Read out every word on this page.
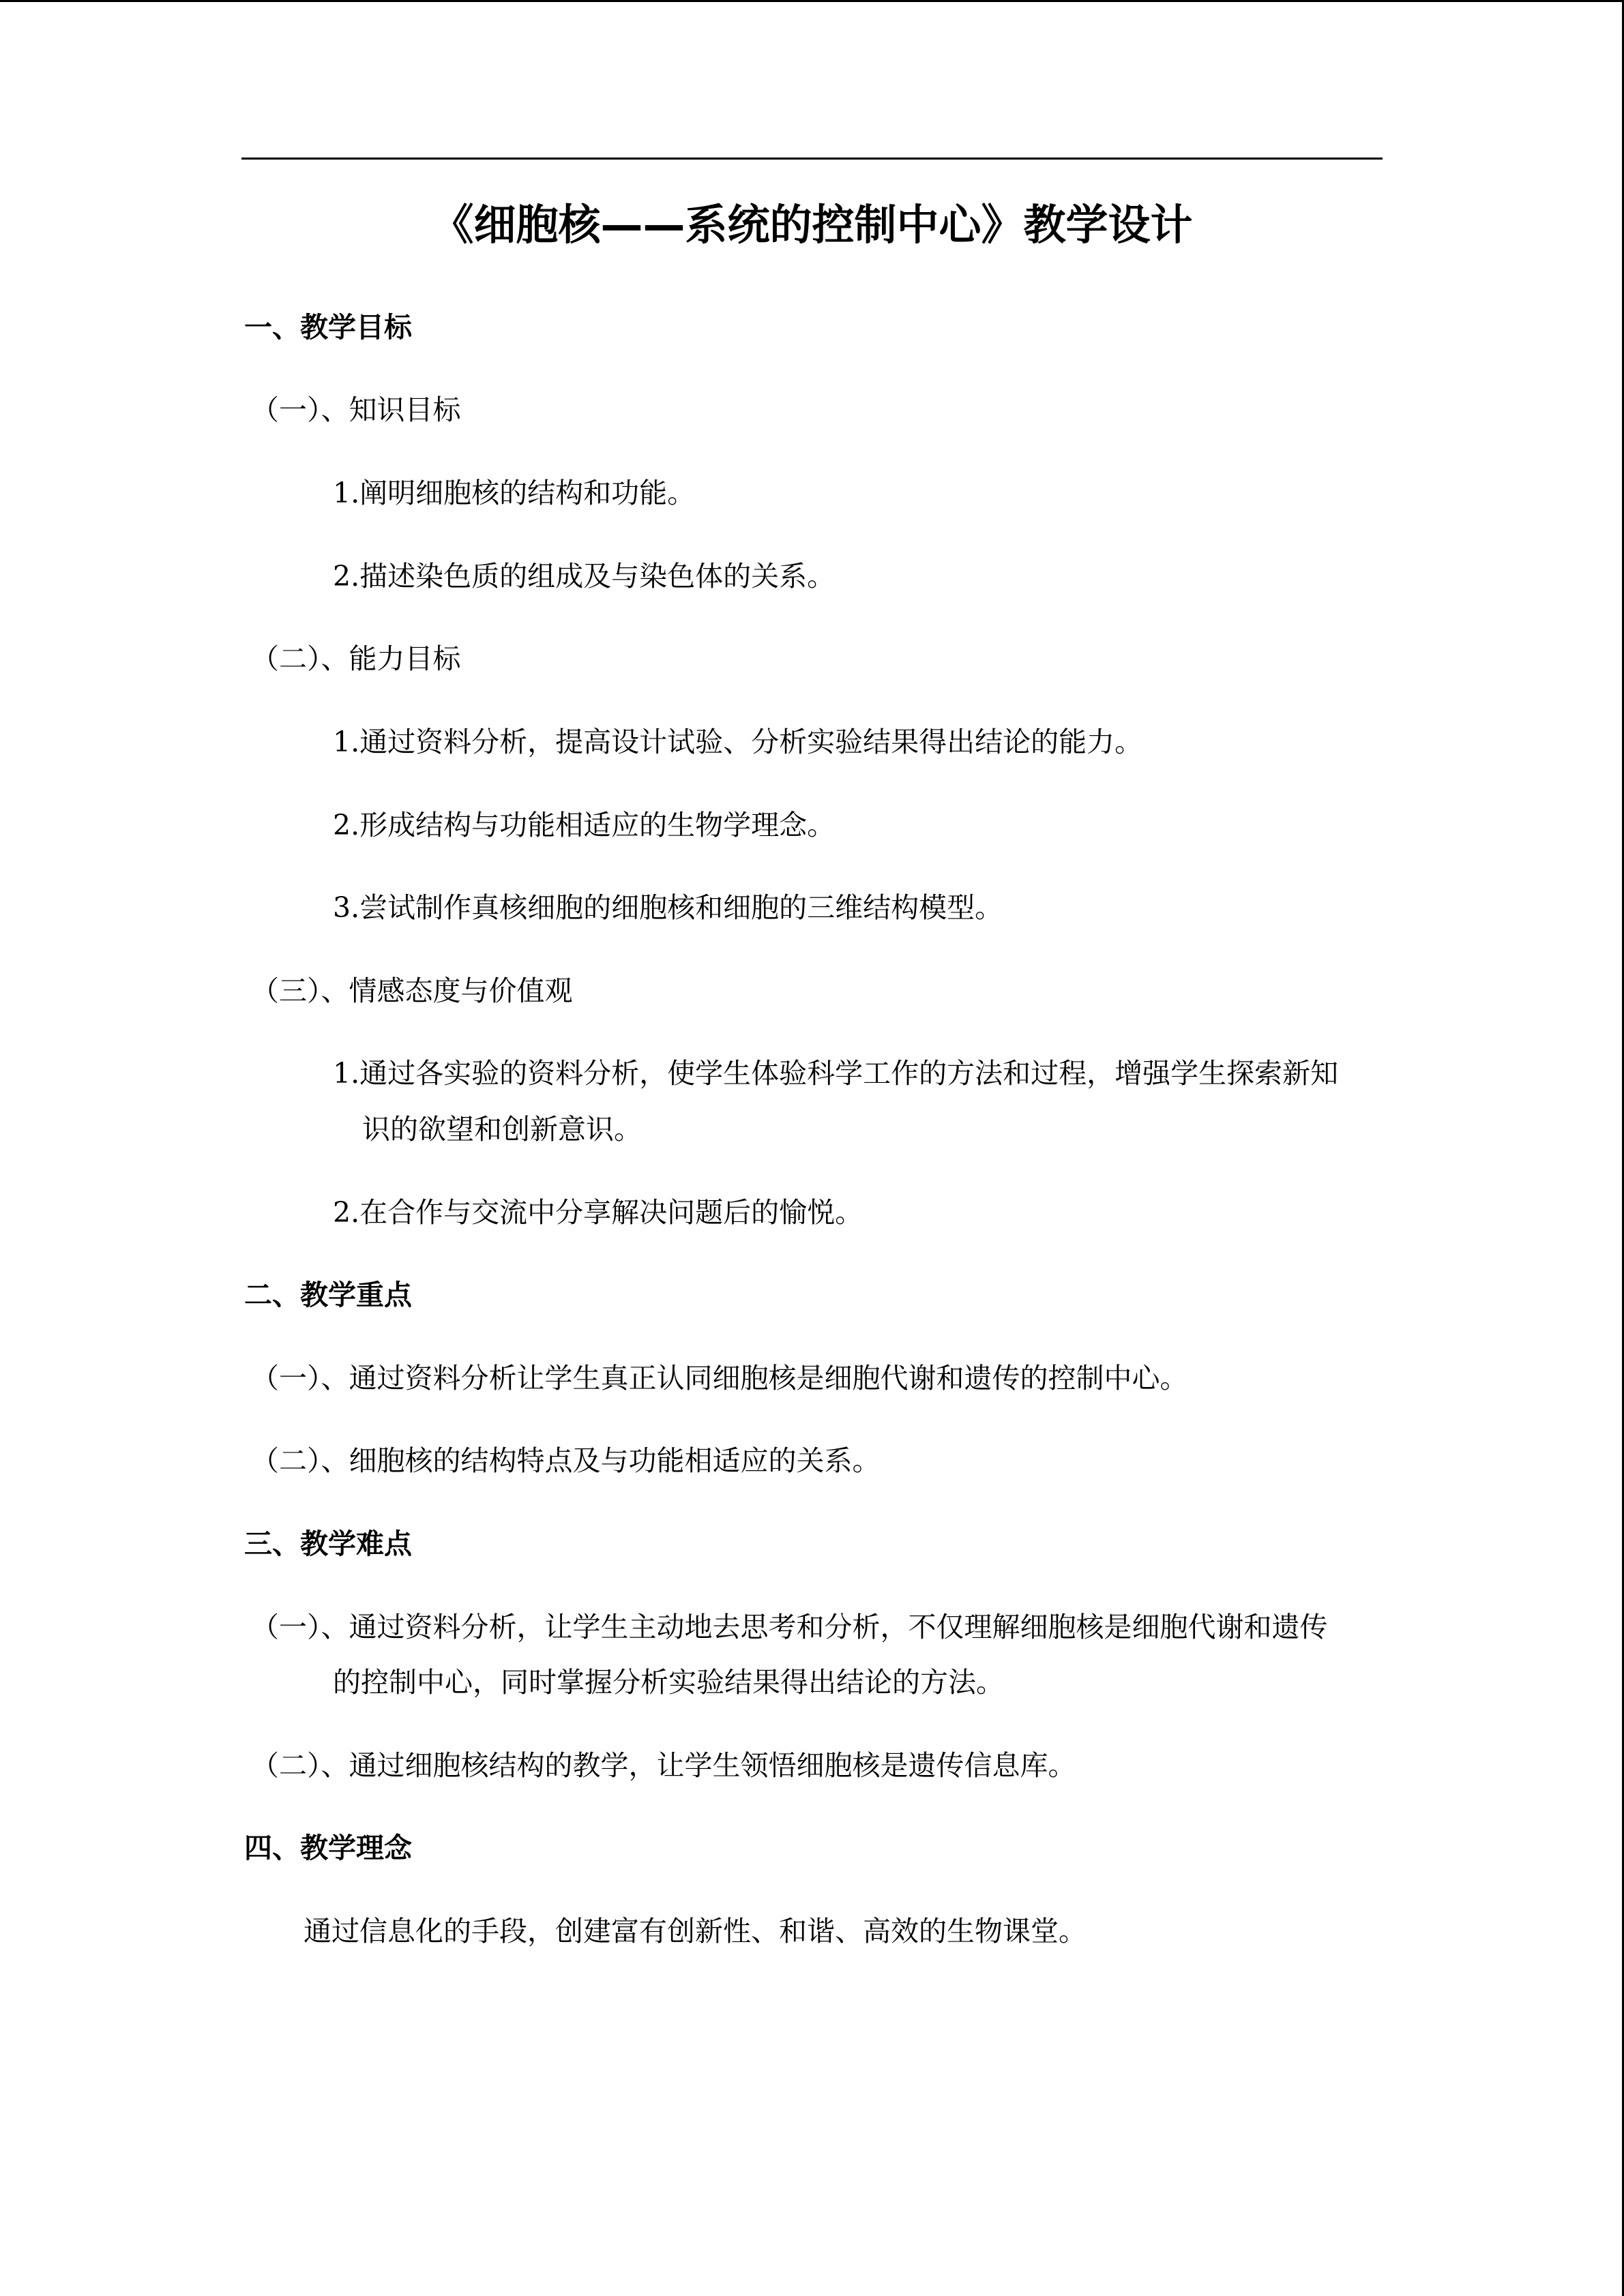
《细胞核——系统的控制中心》教学设计
一、教学目标
（一）、知识目标
1.阐明细胞核的结构和功能。
2.描述染色质的组成及与染色体的关系。
（二）、能力目标
1.通过资料分析，提高设计试验、分析实验结果得出结论的能力。
2.形成结构与功能相适应的生物学理念。
3.尝试制作真核细胞的细胞核和细胞的三维结构模型。
（三）、情感态度与价值观
1.通过各实验的资料分析，使学生体验科学工作的方法和过程，增强学生探索新知
识的欲望和创新意识。
2.在合作与交流中分享解决问题后的愉悦。
二、教学重点
（一）、通过资料分析让学生真正认同细胞核是细胞代谢和遗传的控制中心。
（二）、细胞核的结构特点及与功能相适应的关系。
三、教学难点
（一）、通过资料分析，让学生主动地去思考和分析，不仅理解细胞核是细胞代谢和遗传
的控制中心，同时掌握分析实验结果得出结论的方法。
（二）、通过细胞核结构的教学，让学生领悟细胞核是遗传信息库。
四、教学理念
通过信息化的手段，创建富有创新性、和谐、高效的生物课堂。
